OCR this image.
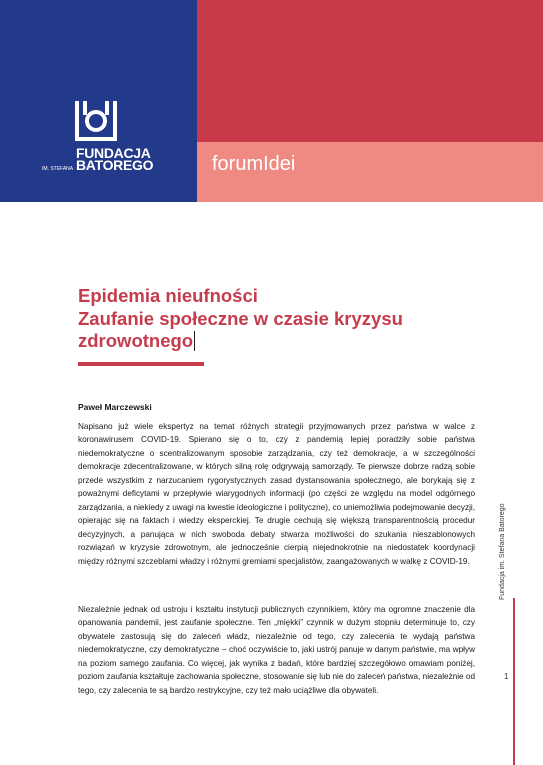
FUNDACJA
IM. STEFANA BATOREGO	forumIdei
Epidemia nieufności
Zaufanie społeczne w czasie kryzysu
zdrowotnego
Paweł Marczewski

Napisano już wiele ekspertyz na temat różnych strategii przyjmowanych przez państwa w walce z koronawirusem COVID-19. Spierano się o to, czy z pandemią lepiej poradziły sobie państwa niedemokratyczne o scentralizowanym sposobie zarządzania, czy też demokracje, a w szczególności demokracje zdecentralizowane, w których silną rolę odgrywają samorządy. Te pierwsze dobrze radzą sobie przede wszystkim z narzucaniem rygorystycznych zasad dystansowania społecznego, ale borykają się z poważnymi deficytami w przepływie wiarygodnych informacji (po części ze względu na model odgórnego zarządzania, a niekiedy z uwagi na kwestie ideologiczne i polityczne), co uniemożliwia podejmowanie decyzji, opierając się na faktach i wiedzy eksperckiej. Te drugie cechują się większą transparentnością procedur decyzyjnych, a panująca w nich swoboda debaty stwarza możliwości do szukania nieszablonowych rozwiązań w kryzysie zdrowotnym, ale jednocześnie cierpią niejednokrotnie na niedostatek koordynacji między różnymi szczeblami władzy i różnymi gremiami specjalistów, zaangażowanych w walkę z COVID-19.

Niezależnie jednak od ustroju i kształtu instytucji publicznych czynnikiem, który ma ogromne znaczenie dla opanowania pandemii, jest zaufanie społeczne. Ten „miękki” czynnik w dużym stopniu determinuje to, czy obywatele zastosują się do zaleceń władz, niezależnie od tego, czy zalecenia te wydają państwa niedemokratyczne, czy demokratyczne – choć oczywiście to, jaki ustrój panuje w danym państwie, ma wpływ na poziom samego zaufania. Co więcej, jak wynika z badań, które bardziej szczegółowo omawiam poniżej, poziom zaufania kształtuje zachowania społeczne, stosowanie się lub nie do zaleceń państwa, niezależnie od tego, czy zalecenia te są bardzo restrykcyjne, czy też mało uciążliwe dla obywateli.

Fundacja im. Stefana Batorego
1
